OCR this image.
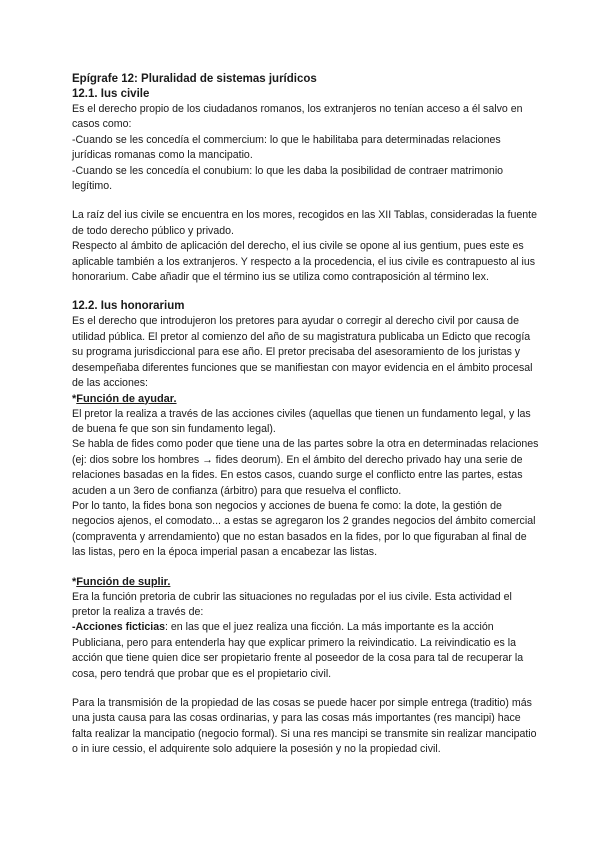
Epígrafe 12: Pluralidad de sistemas jurídicos
12.1. Ius civile

Es el derecho propio de los ciudadanos romanos, los extranjeros no tenían acceso a él salvo en casos como:

-Cuando se les concedía el commercium: lo que le habilitaba para determinadas relaciones jurídicas romanas como la mancipatio.

-Cuando se les concedía el conubium: lo que les daba la posibilidad de contraer matrimonio legítimo.

La raíz del ius civile se encuentra en los mores, recogidos en las XII Tablas, consideradas la fuente de todo derecho público y privado.

Respecto al ámbito de aplicación del derecho, el ius civile se opone al ius gentium, pues este es aplicable también a los extranjeros. Y respecto a la procedencia, el ius civile es contrapuesto al ius honorarium. Cabe añadir que el término ius se utiliza como contraposición al término lex.

12.2. Ius honorarium

Es el derecho que introdujeron los pretores para ayudar o corregir al derecho civil por causa de utilidad pública. El pretor al comienzo del año de su magistratura publicaba un Edicto que recogía su programa jurisdiccional para ese año. El pretor precisaba del asesoramiento de los juristas y desempeñaba diferentes funciones que se manifiestan con mayor evidencia en el ámbito procesal de las acciones:

*Función de ayudar.

El pretor la realiza a través de las acciones civiles (aquellas que tienen un fundamento legal, y las de buena fe que son sin fundamento legal).

Se habla de fides como poder que tiene una de las partes sobre la otra en determinadas relaciones (ej: dios sobre los hombres → fides deorum). En el ámbito del derecho privado hay una serie de relaciones basadas en la fides. En estos casos, cuando surge el conflicto entre las partes, estas acuden a un 3ero de confianza (árbitro) para que resuelva el conflicto.

Por lo tanto, la fides bona son negocios y acciones de buena fe como: la dote, la gestión de negocios ajenos, el comodato... a estas se agregaron los 2 grandes negocios del ámbito comercial (compraventa y arrendamiento) que no estan basados en la fides, por lo que figuraban al final de las listas, pero en la época imperial pasan a encabezar las listas.

*Función de suplir.

Era la función pretoria de cubrir las situaciones no reguladas por el ius civile. Esta actividad el pretor la realiza a través de:

-Acciones ficticias: en las que el juez realiza una ficción. La más importante es la acción Publiciana, pero para entenderla hay que explicar primero la reivindicatio. La reivindicatio es la acción que tiene quien dice ser propietario frente al poseedor de la cosa para tal de recuperar la cosa, pero tendrá que probar que es el propietario civil.

Para la transmisión de la propiedad de las cosas se puede hacer por simple entrega (traditio) más una justa causa para las cosas ordinarias, y para las cosas más importantes (res mancipi) hace falta realizar la mancipatio (negocio formal). Si una res mancipi se transmite sin realizar mancipatio o in iure cessio, el adquirente solo adquiere la posesión y no la propiedad civil.
